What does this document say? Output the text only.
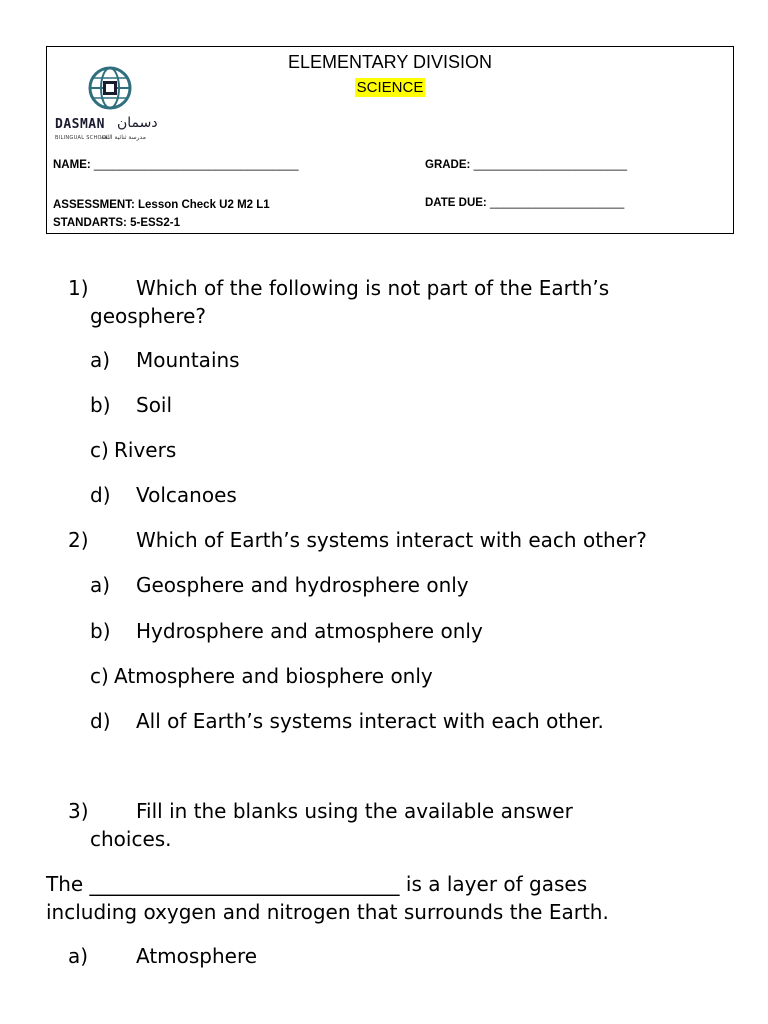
ELEMENTARY DIVISION
SCIENCE
DASMAN دسمان
BILINGUAL SCHOOL
مدرسة ثنائية اللغة
NAME: ________________________________	GRADE: ________________________
ASSESSMENT: Lesson Check U2 M2 L1	DATE DUE: _____________________
STANDARTS: 5-ESS2-1
1) Which of the following is not part of the Earth’s
geosphere?
a) Mountains
b) Soil
c) Rivers
d) Volcanoes
2) Which of Earth’s systems interact with each other?
a) Geosphere and hydrosphere only
b) Hydrosphere and atmosphere only
c) Atmosphere and biosphere only
d) All of Earth’s systems interact with each other.
3) Fill in the blanks using the available answer
choices.
The _______________________________ is a layer of gases
including oxygen and nitrogen that surrounds the Earth.
a) Atmosphere
